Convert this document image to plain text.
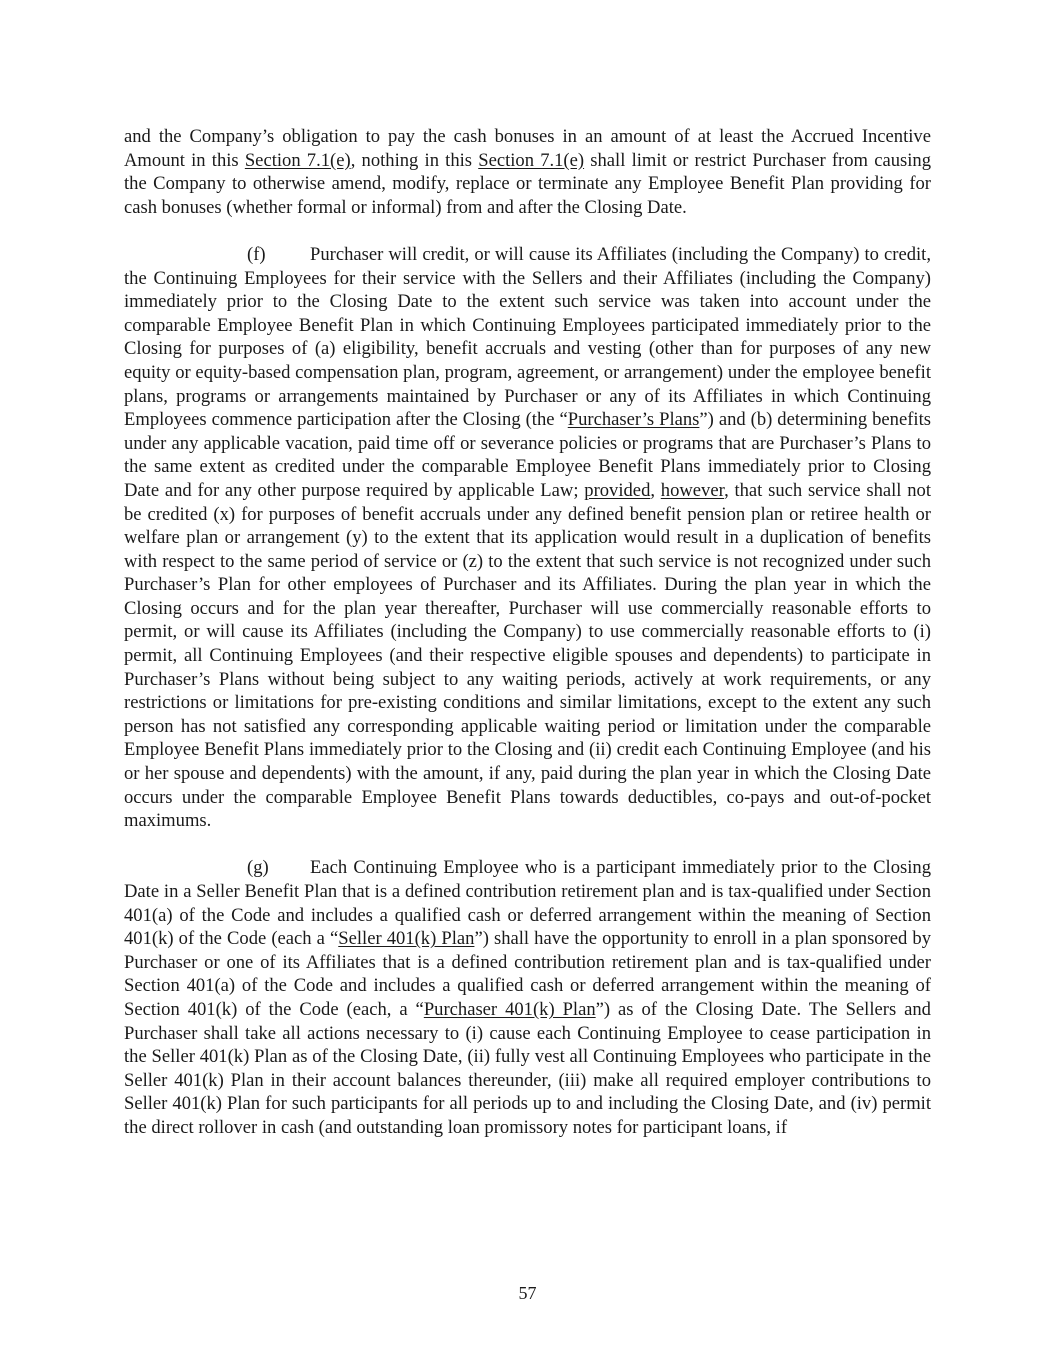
and the Company’s obligation to pay the cash bonuses in an amount of at least the Accrued Incentive Amount in this Section 7.1(e), nothing in this Section 7.1(e) shall limit or restrict Purchaser from causing the Company to otherwise amend, modify, replace or terminate any Employee Benefit Plan providing for cash bonuses (whether formal or informal) from and after the Closing Date.

(f) Purchaser will credit, or will cause its Affiliates (including the Company) to credit, the Continuing Employees for their service with the Sellers and their Affiliates (including the Company) immediately prior to the Closing Date to the extent such service was taken into account under the comparable Employee Benefit Plan in which Continuing Employees participated immediately prior to the Closing for purposes of (a) eligibility, benefit accruals and vesting (other than for purposes of any new equity or equity-based compensation plan, program, agreement, or arrangement) under the employee benefit plans, programs or arrangements maintained by Purchaser or any of its Affiliates in which Continuing Employees commence participation after the Closing (the “Purchaser’s Plans”) and (b) determining benefits under any applicable vacation, paid time off or severance policies or programs that are Purchaser’s Plans to the same extent as credited under the comparable Employee Benefit Plans immediately prior to Closing Date and for any other purpose required by applicable Law; provided, however, that such service shall not be credited (x) for purposes of benefit accruals under any defined benefit pension plan or retiree health or welfare plan or arrangement (y) to the extent that its application would result in a duplication of benefits with respect to the same period of service or (z) to the extent that such service is not recognized under such Purchaser’s Plan for other employees of Purchaser and its Affiliates. During the plan year in which the Closing occurs and for the plan year thereafter, Purchaser will use commercially reasonable efforts to permit, or will cause its Affiliates (including the Company) to use commercially reasonable efforts to (i) permit, all Continuing Employees (and their respective eligible spouses and dependents) to participate in Purchaser’s Plans without being subject to any waiting periods, actively at work requirements, or any restrictions or limitations for pre-existing conditions and similar limitations, except to the extent any such person has not satisfied any corresponding applicable waiting period or limitation under the comparable Employee Benefit Plans immediately prior to the Closing and (ii) credit each Continuing Employee (and his or her spouse and dependents) with the amount, if any, paid during the plan year in which the Closing Date occurs under the comparable Employee Benefit Plans towards deductibles, co-pays and out-of-pocket maximums.

(g) Each Continuing Employee who is a participant immediately prior to the Closing Date in a Seller Benefit Plan that is a defined contribution retirement plan and is tax-qualified under Section 401(a) of the Code and includes a qualified cash or deferred arrangement within the meaning of Section 401(k) of the Code (each a “Seller 401(k) Plan”) shall have the opportunity to enroll in a plan sponsored by Purchaser or one of its Affiliates that is a defined contribution retirement plan and is tax-qualified under Section 401(a) of the Code and includes a qualified cash or deferred arrangement within the meaning of Section 401(k) of the Code (each, a “Purchaser 401(k) Plan”) as of the Closing Date. The Sellers and Purchaser shall take all actions necessary to (i) cause each Continuing Employee to cease participation in the Seller 401(k) Plan as of the Closing Date, (ii) fully vest all Continuing Employees who participate in the Seller 401(k) Plan in their account balances thereunder, (iii) make all required employer contributions to Seller 401(k) Plan for such participants for all periods up to and including the Closing Date, and (iv) permit the direct rollover in cash (and outstanding loan promissory notes for participant loans, if

57
